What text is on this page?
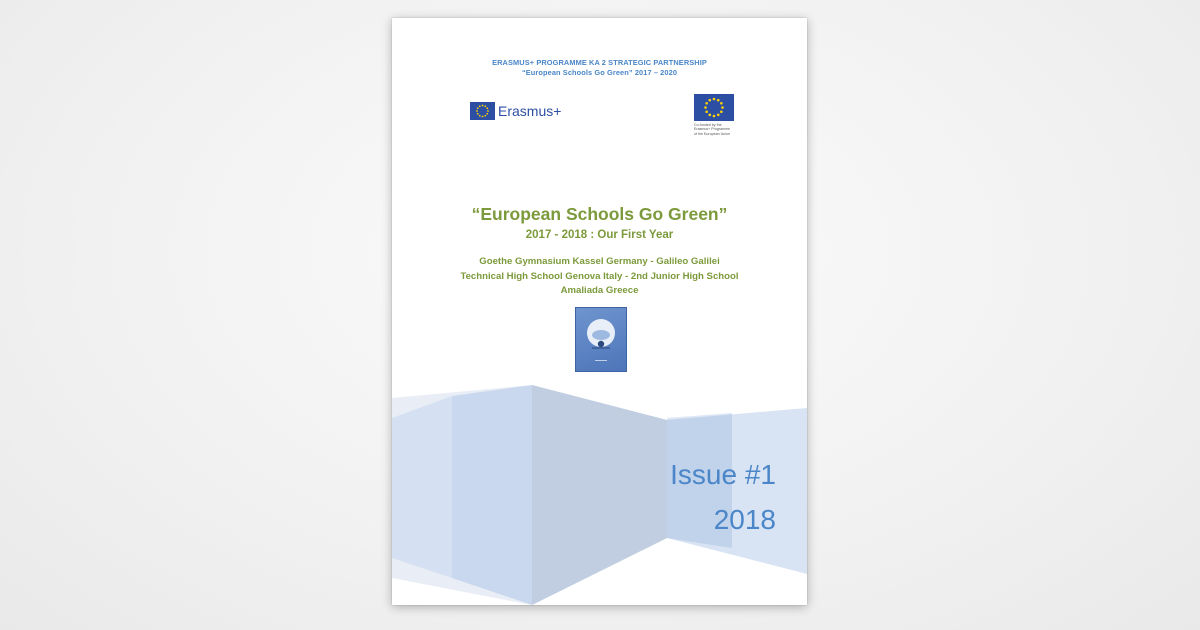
ERASMUS+ PROGRAMME KA 2 STRATEGIC PARTNERSHIP
“European Schools Go Green” 2017 – 2020
Erasmus+
Co-funded by the
Erasmus+ Programme
of the European Union
“European Schools Go Green”
2017 - 2018 : Our First Year
Goethe Gymnasium Kassel Germany - Galileo Galilei
Technical High School Genova Italy - 2nd Junior High School
Amaliada Greece
Issue #1
2018
